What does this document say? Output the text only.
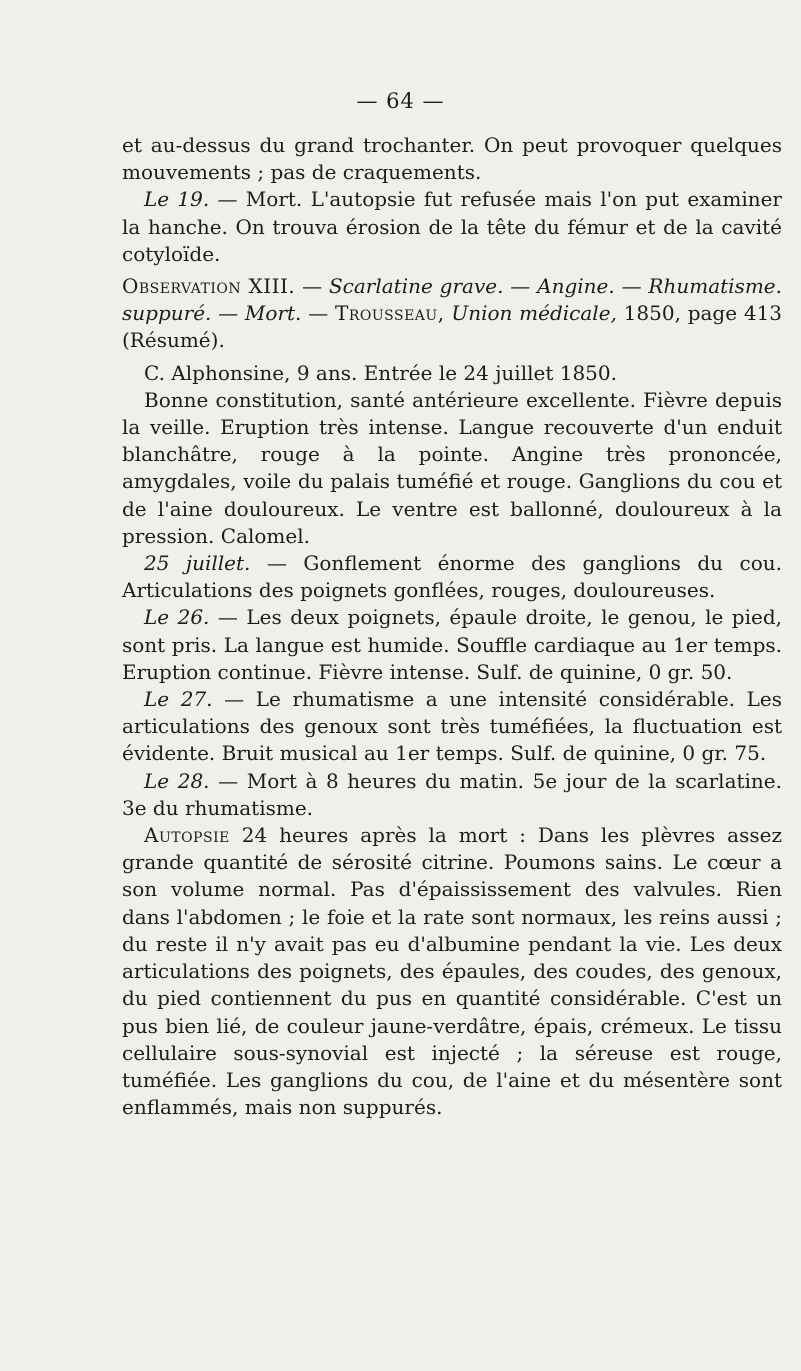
— 64 —

et au-dessus du grand trochanter. On peut provoquer quelques mouvements ; pas de craquements.

Le 19. — Mort. L'autopsie fut refusée mais l'on put examiner la hanche. On trouva érosion de la tête du fémur et de la cavité cotyloïde.

Observation XIII. — Scarlatine grave. — Angine. — Rhumatisme. suppuré. — Mort. — Trousseau, Union médicale, 1850, page 413 (Résumé).

C. Alphonsine, 9 ans. Entrée le 24 juillet 1850.

Bonne constitution, santé antérieure excellente. Fièvre depuis la veille. Eruption très intense. Langue recouverte d'un enduit blanchâtre, rouge à la pointe. Angine très prononcée, amygdales, voile du palais tuméfié et rouge. Ganglions du cou et de l'aine douloureux. Le ventre est ballonné, douloureux à la pression. Calomel.

25 juillet. — Gonflement énorme des ganglions du cou. Articulations des poignets gonflées, rouges, douloureuses.

Le 26. — Les deux poignets, épaule droite, le genou, le pied, sont pris. La langue est humide. Souffle cardiaque au 1er temps. Eruption continue. Fièvre intense. Sulf. de quinine, 0 gr. 50.

Le 27. — Le rhumatisme a une intensité considérable. Les articulations des genoux sont très tuméfiées, la fluctuation est évidente. Bruit musical au 1er temps. Sulf. de quinine, 0 gr. 75.

Le 28. — Mort à 8 heures du matin. 5e jour de la scarlatine. 3e du rhumatisme.

Autopsie 24 heures après la mort : Dans les plèvres assez grande quantité de sérosité citrine. Poumons sains. Le cœur a son volume normal. Pas d'épaississement des valvules. Rien dans l'abdomen ; le foie et la rate sont normaux, les reins aussi ; du reste il n'y avait pas eu d'albumine pendant la vie. Les deux articulations des poignets, des épaules, des coudes, des genoux, du pied contiennent du pus en quantité considérable. C'est un pus bien lié, de couleur jaune-verdâtre, épais, crémeux. Le tissu cellulaire sous-synovial est injecté ; la séreuse est rouge, tuméfiée. Les ganglions du cou, de l'aine et du mésentère sont enflammés, mais non suppurés.
